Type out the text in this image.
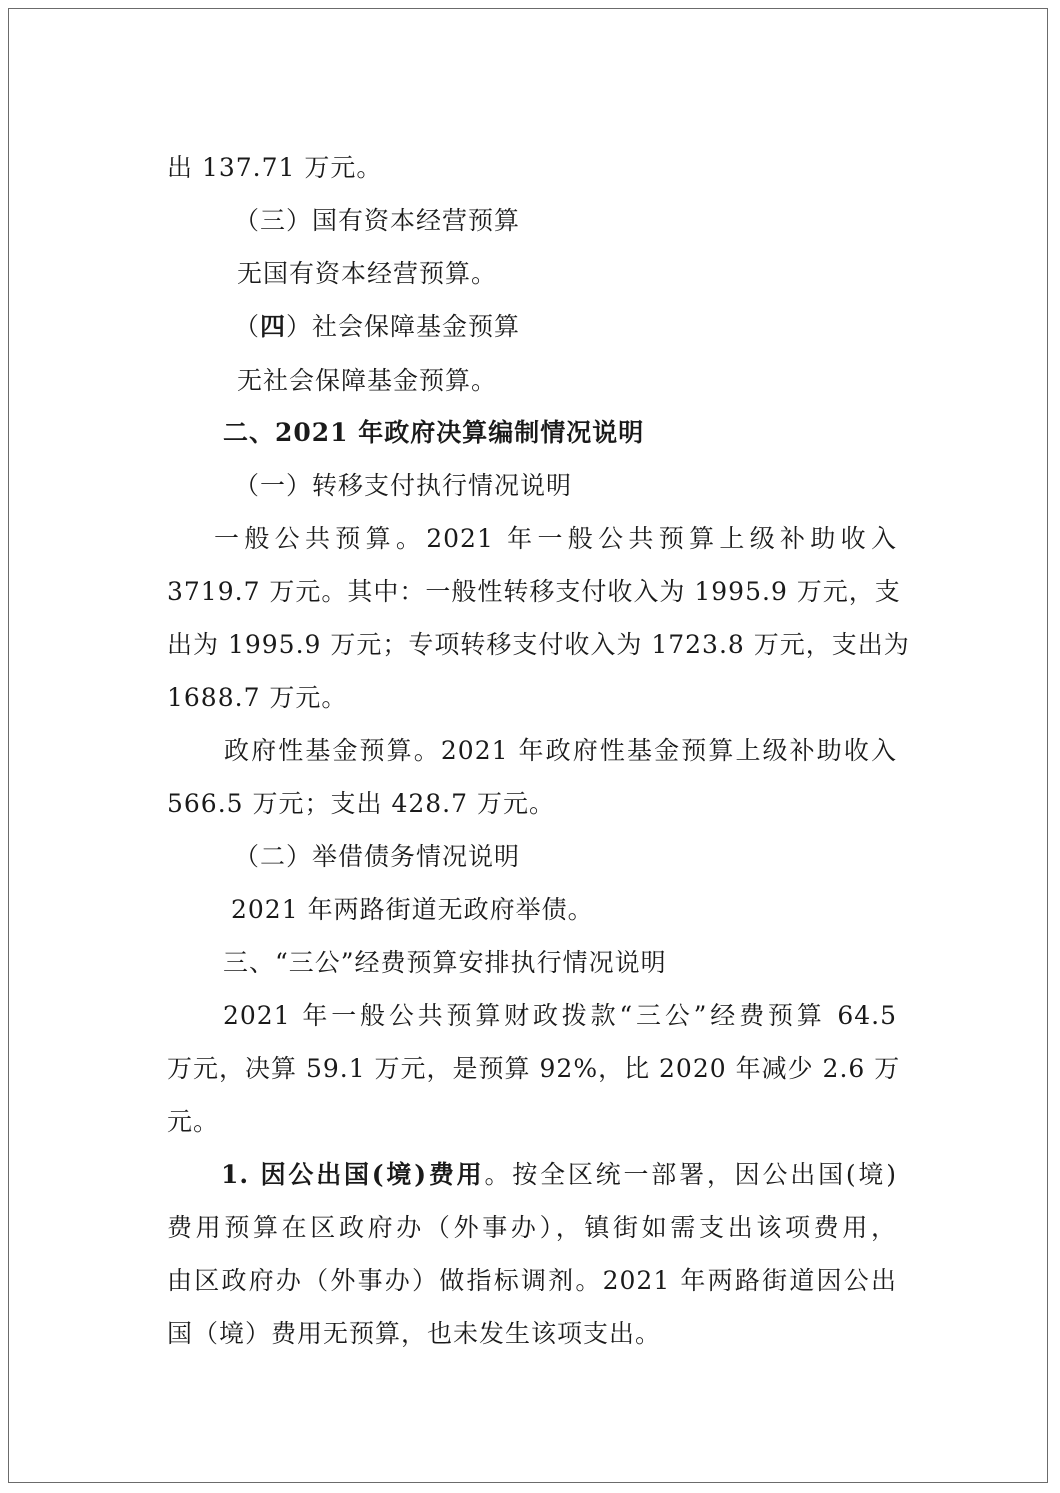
出 137.71 万元。
（三）国有资本经营预算
无国有资本经营预算。
（四）社会保障基金预算
无社会保障基金预算。
二、2021 年政府决算编制情况说明
（一）转移支付执行情况说明
一般公共预算。2021 年一般公共预算上级补助收入
3719.7 万元。其中：一般性转移支付收入为 1995.9 万元，支
出为 1995.9 万元；专项转移支付收入为 1723.8 万元，支出为
1688.7 万元。
政府性基金预算。2021 年政府性基金预算上级补助收入
566.5 万元；支出 428.7 万元。
（二）举借债务情况说明
2021 年两路街道无政府举债。
三、“三公”经费预算安排执行情况说明
2021 年一般公共预算财政拨款“三公”经费预算 64.5
万元，决算 59.1 万元，是预算 92%，比 2020 年减少 2.6 万
元。
1. 因公出国(境)费用。按全区统一部署，因公出国(境)
费用预算在区政府办（外事办），镇街如需支出该项费用，
由区政府办（外事办）做指标调剂。2021 年两路街道因公出
国（境）费用无预算，也未发生该项支出。
